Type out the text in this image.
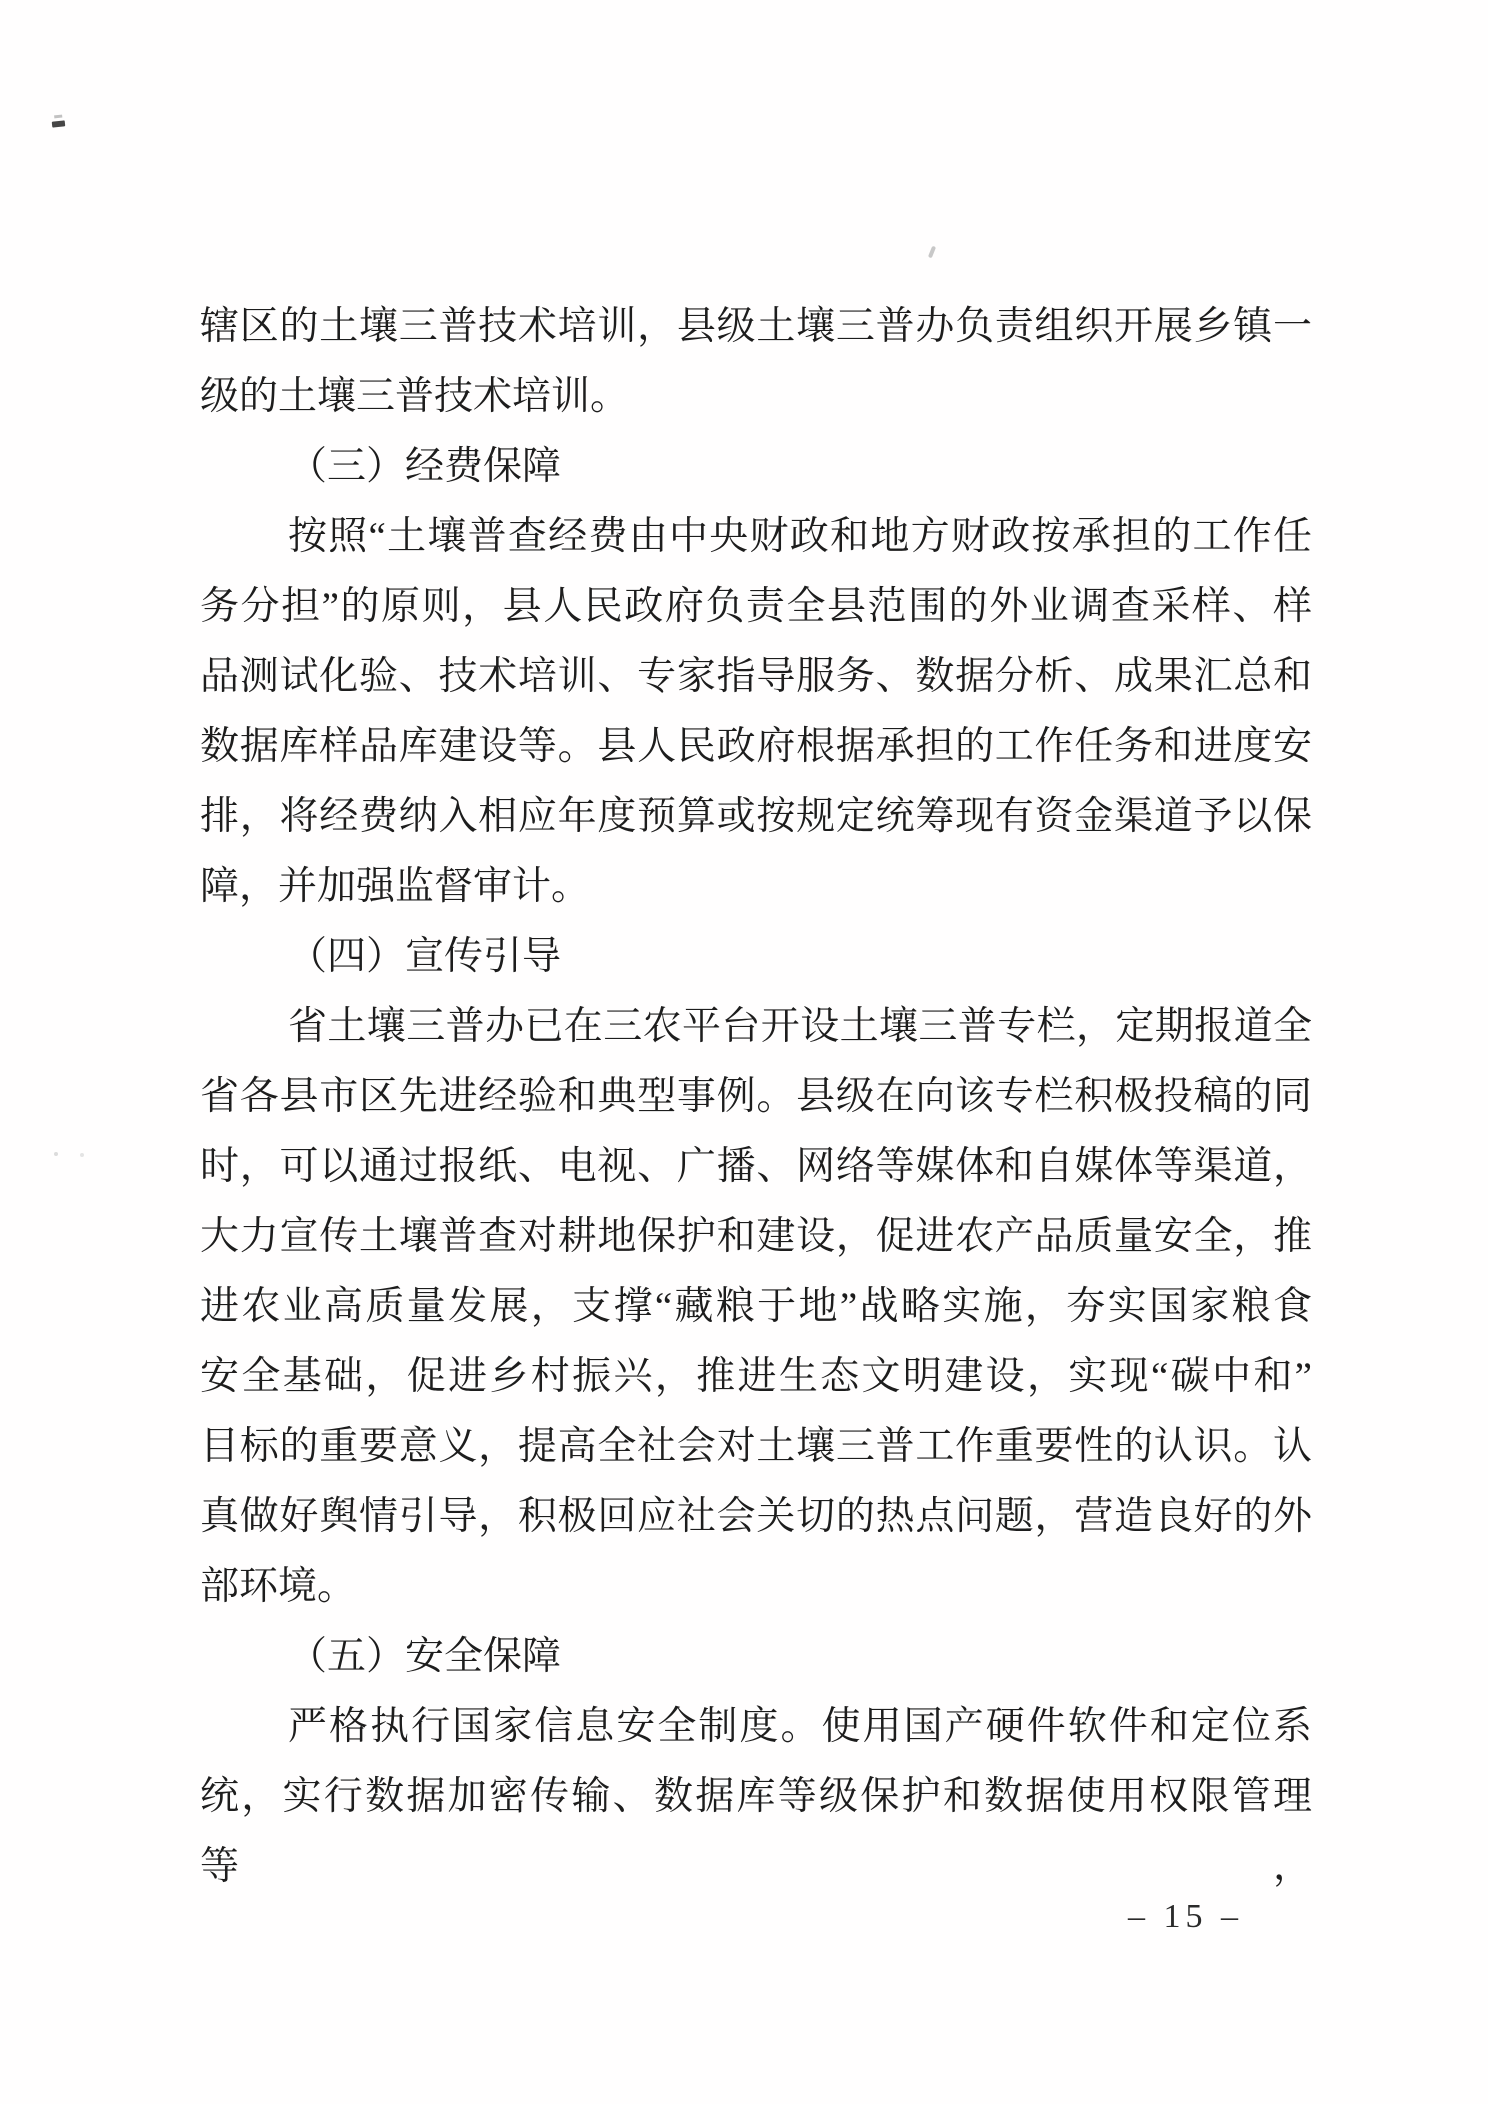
辖区的土壤三普技术培训，县级土壤三普办负责组织开展乡镇一
级的土壤三普技术培训。
（三）经费保障
按照“土壤普查经费由中央财政和地方财政按承担的工作任
务分担”的原则，县人民政府负责全县范围的外业调查采样、样
品测试化验、技术培训、专家指导服务、数据分析、成果汇总和
数据库样品库建设等。县人民政府根据承担的工作任务和进度安
排，将经费纳入相应年度预算或按规定统筹现有资金渠道予以保
障，并加强监督审计。
（四）宣传引导
省土壤三普办已在三农平台开设土壤三普专栏，定期报道全
省各县市区先进经验和典型事例。县级在向该专栏积极投稿的同
时，可以通过报纸、电视、广播、网络等媒体和自媒体等渠道，
大力宣传土壤普查对耕地保护和建设，促进农产品质量安全，推
进农业高质量发展，支撑“藏粮于地”战略实施，夯实国家粮食
安全基础，促进乡村振兴，推进生态文明建设，实现“碳中和”
目标的重要意义，提高全社会对土壤三普工作重要性的认识。认
真做好舆情引导，积极回应社会关切的热点问题，营造良好的外
部环境。
（五）安全保障
严格执行国家信息安全制度。使用国产硬件软件和定位系
统，实行数据加密传输、数据库等级保护和数据使用权限管理等，
– 15 –
